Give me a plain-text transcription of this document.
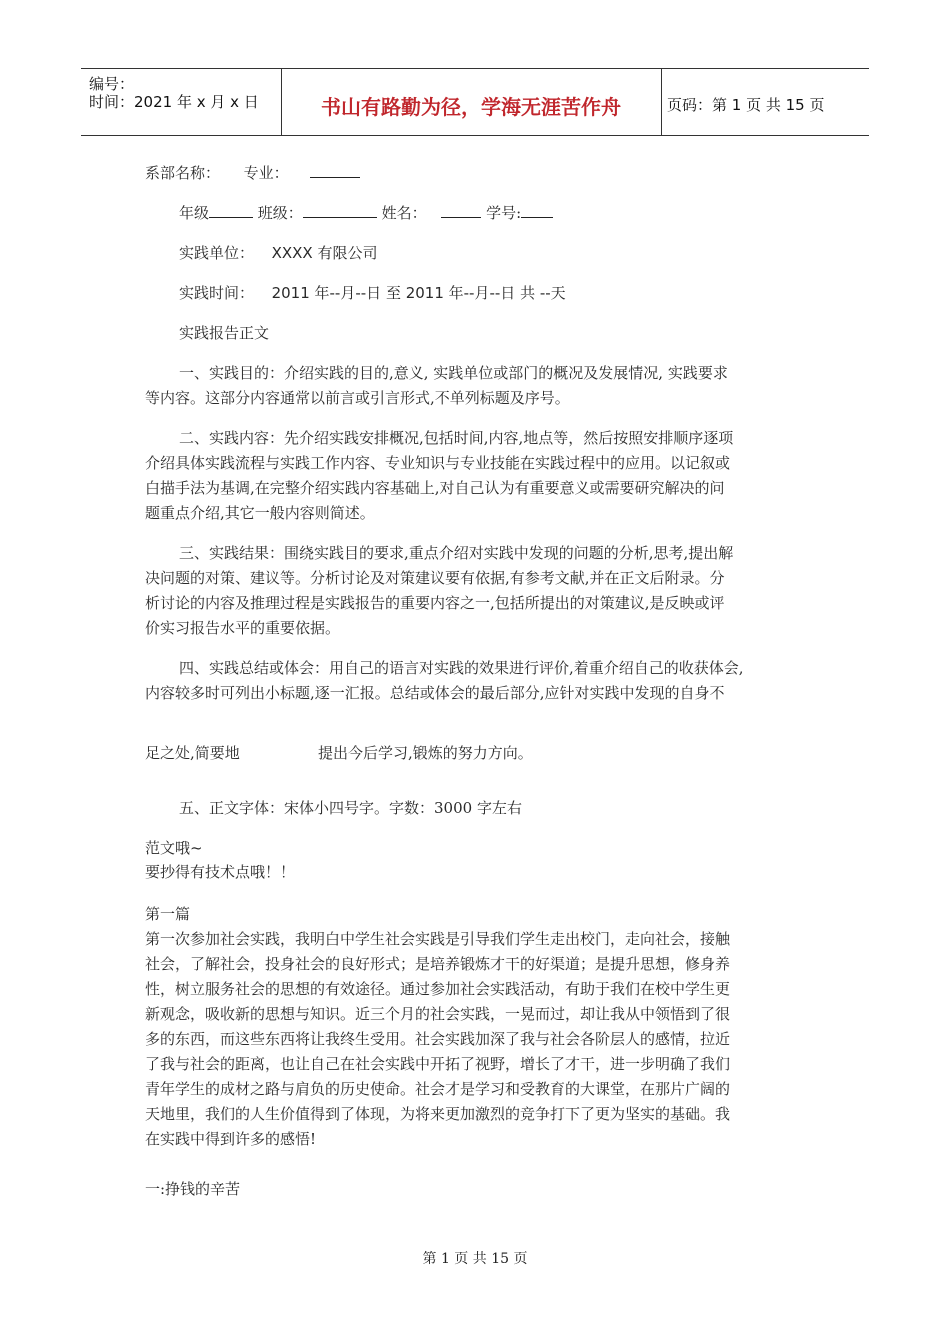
编号：
时间：2021 年 x 月 x 日	书山有路勤为径，学海无涯苦作舟	页码：第 1 页 共 15 页
系部名称： 专业：
年级	班级：	姓名：	学号:
实践单位： XXXX 有限公司
实践时间： 2011 年--月--日 至 2011 年--月--日 共 --天
实践报告正文
一、实践目的：介绍实践的目的,意义, 实践单位或部门的概况及发展情况, 实践要求
等内容。这部分内容通常以前言或引言形式,不单列标题及序号。
二、实践内容：先介绍实践安排概况,包括时间,内容,地点等，然后按照安排顺序逐项
介绍具体实践流程与实践工作内容、专业知识与专业技能在实践过程中的应用。以记叙或
白描手法为基调,在完整介绍实践内容基础上,对自己认为有重要意义或需要研究解决的问
题重点介绍,其它一般内容则简述。
三、实践结果：围绕实践目的要求,重点介绍对实践中发现的问题的分析,思考,提出解
决问题的对策、建议等。分析讨论及对策建议要有依据,有参考文献,并在正文后附录。分
析讨论的内容及推理过程是实践报告的重要内容之一,包括所提出的对策建议,是反映或评
价实习报告水平的重要依据。
四、实践总结或体会：用自己的语言对实践的效果进行评价,着重介绍自己的收获体会,
内容较多时可列出小标题,逐一汇报。总结或体会的最后部分,应针对实践中发现的自身不
足之处,简要地	提出今后学习,锻炼的努力方向。
五、正文字体：宋体小四号字。字数：3000 字左右
范文哦~
要抄得有技术点哦！！
第一篇
第一次参加社会实践，我明白中学生社会实践是引导我们学生走出校门，走向社会，接触
社会，了解社会，投身社会的良好形式；是培养锻炼才干的好渠道；是提升思想，修身养
性，树立服务社会的思想的有效途径。通过参加社会实践活动，有助于我们在校中学生更
新观念，吸收新的思想与知识。近三个月的社会实践，一晃而过，却让我从中领悟到了很
多的东西，而这些东西将让我终生受用。社会实践加深了我与社会各阶层人的感情，拉近
了我与社会的距离，也让自己在社会实践中开拓了视野，增长了才干，进一步明确了我们
青年学生的成材之路与肩负的历史使命。社会才是学习和受教育的大课堂，在那片广阔的
天地里，我们的人生价值得到了体现，为将来更加激烈的竞争打下了更为坚实的基础。我
在实践中得到许多的感悟!
一:挣钱的辛苦
第 1 页 共 15 页
